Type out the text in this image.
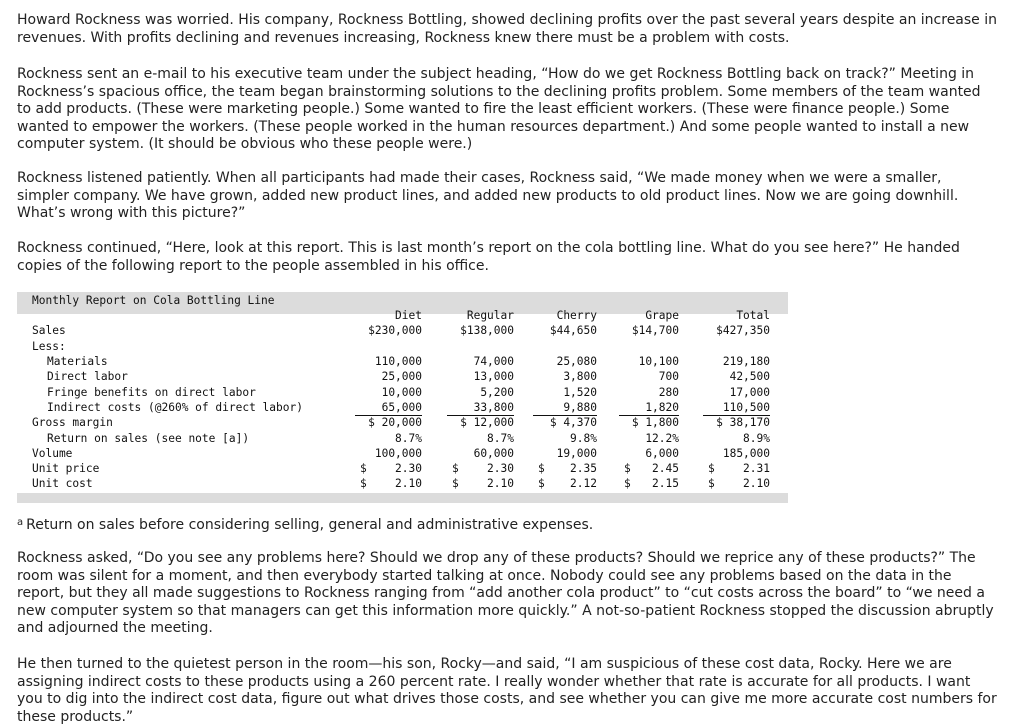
Howard Rockness was worried. His company, Rockness Bottling, showed declining profits over the past several years despite an increase in revenues. With profits declining and revenues increasing, Rockness knew there must be a problem with costs.

Rockness sent an e-mail to his executive team under the subject heading, “How do we get Rockness Bottling back on track?” Meeting in Rockness’s spacious office, the team began brainstorming solutions to the declining profits problem. Some members of the team wanted to add products. (These were marketing people.) Some wanted to fire the least efficient workers. (These were finance people.) Some wanted to empower the workers. (These people worked in the human resources department.) And some people wanted to install a new computer system. (It should be obvious who these people were.)

Rockness listened patiently. When all participants had made their cases, Rockness said, “We made money when we were a smaller, simpler company. We have grown, added new product lines, and added new products to old product lines. Now we are going downhill. What’s wrong with this picture?”

Rockness continued, “Here, look at this report. This is last month’s report on the cola bottling line. What do you see here?” He handed copies of the following report to the people assembled in his office.

Monthly Report on Cola Bottling Line
Diet	Regular	Cherry	Grape	Total
Sales	$230,000	$138,000	$44,650	$14,700	$427,350
Less:
Materials	110,000	74,000	25,080	10,100	219,180
Direct labor	25,000	13,000	3,800	700	42,500
Fringe benefits on direct labor	10,000	5,200	1,520	280	17,000
Indirect costs (@260% of direct labor)	65,000	33,800	9,880	1,820	110,500
Gross margin	$ 20,000	$ 12,000	$ 4,370	$ 1,800	$ 38,170
Return on sales (see note [a])	8.7%	8.7%	9.8%	12.2%	8.9%
Volume	100,000	60,000	19,000	6,000	185,000
Unit price	$	2.30	$	2.30 $	2.35 $	2.45	$	2.31
Unit cost	$	2.10	$	2.10 $	2.12 $	2.15	$	2.10
$^a$ Return on sales before considering selling, general and administrative expenses.

Rockness asked, “Do you see any problems here? Should we drop any of these products? Should we reprice any of these products?” The room was silent for a moment, and then everybody started talking at once. Nobody could see any problems based on the data in the report, but they all made suggestions to Rockness ranging from “add another cola product” to “cut costs across the board” to “we need a new computer system so that managers can get this information more quickly.” A not-so-patient Rockness stopped the discussion abruptly and adjourned the meeting.

He then turned to the quietest person in the room—his son, Rocky—and said, “I am suspicious of these cost data, Rocky. Here we are assigning indirect costs to these products using a 260 percent rate. I really wonder whether that rate is accurate for all products. I want you to dig into the indirect cost data, figure out what drives those costs, and see whether you can give me more accurate cost numbers for these products.”
